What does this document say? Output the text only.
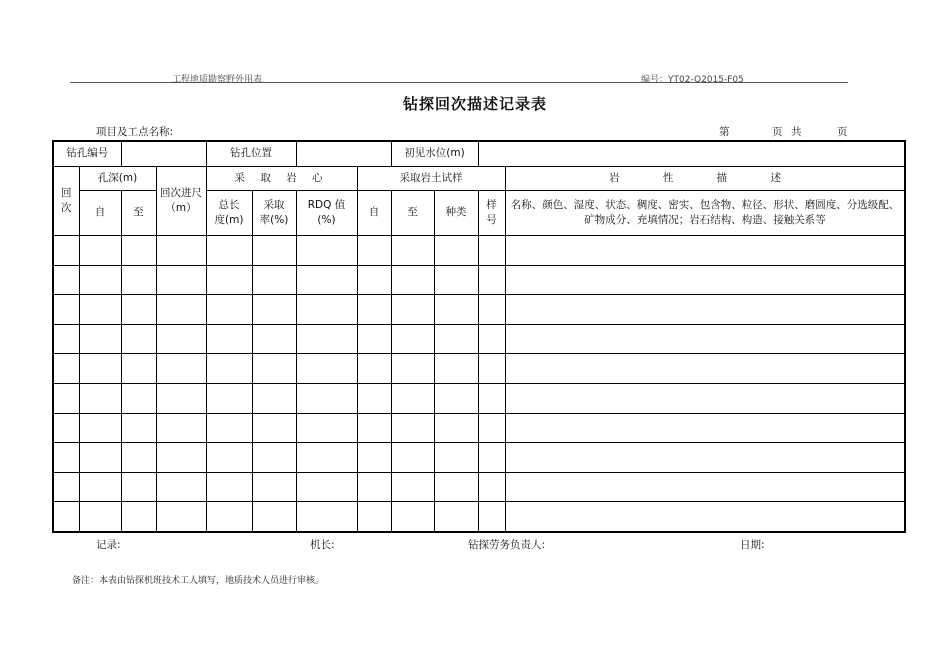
工程地质勘察野外用表	编号：YT02-Q2015-F05
钻探回次描述记录表
项目及工点名称:	第	页 共	页
钻孔编号				钻孔位置				初见水位(m)		

回次	孔深(m)		回次进尺（m）	采 取 岩 心			采取岩土试样				岩 性 描 述	
	自	至		总长度(m)	采取率(%)	RDQ 值(%)	自	至	种类	样号	名称、颜色、湿度、状态、稠度、密实、包含物、粒径、形状、磨圆度、分选级配、矿物成分、充填情况；岩石结构、构造、接触关系等	

记录:	机长:	钻探劳务负责人:	日期:
备注：本表由钻探机班技术工人填写，地质技术人员进行审核。
